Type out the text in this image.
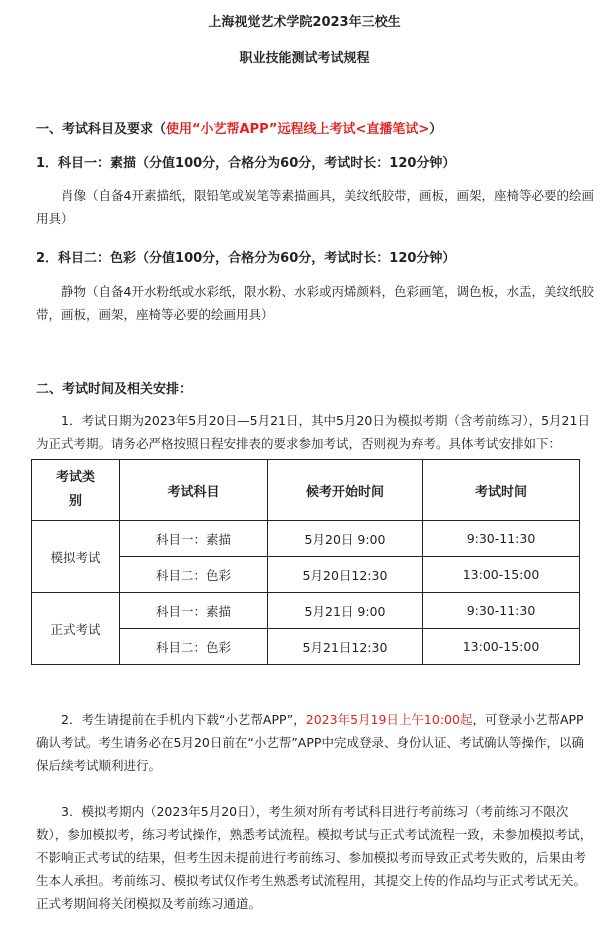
上海视觉艺术学院2023年三校生
职业技能测试考试规程
一、考试科目及要求（使用“小艺帮APP”远程线上考试<直播笔试>）
1．科目一：素描（分值100分，合格分为60分，考试时长：120分钟）
肖像（自备4开素描纸，限铅笔或炭笔等素描画具，美纹纸胶带，画板，画架，座椅等必要的绘画用具）
2．科目二：色彩（分值100分，合格分为60分，考试时长：120分钟）
静物（自备4开水粉纸或水彩纸，限水粉、水彩或丙烯颜料，色彩画笔，调色板，水盂，美纹纸胶带，画板，画架，座椅等必要的绘画用具）
二、考试时间及相关安排：
1．考试日期为2023年5月20日—5月21日，其中5月20日为模拟考期（含考前练习），5月21日为正式考期。请务必严格按照日程安排表的要求参加考试，否则视为弃考。具体考试安排如下：
考试类别	考试科目	候考开始时间	考试时间
模拟考试	科目一：素描	5月20日 9:00	9:30-11:30
	科目二：色彩	5月20日12:30	13:00-15:00
正式考试	科目一：素描	5月21日 9:00	9:30-11:30
	科目二：色彩	5月21日12:30	13:00-15:00
2．考生请提前在手机内下载“小艺帮APP”，2023年5月19日上午10:00起，可登录小艺帮APP确认考试。考生请务必在5月20日前在“小艺帮”APP中完成登录、身份认证、考试确认等操作，以确保后续考试顺利进行。
3．模拟考期内（2023年5月20日），考生须对所有考试科目进行考前练习（考前练习不限次数），参加模拟考，练习考试操作，熟悉考试流程。模拟考试与正式考试流程一致，未参加模拟考试，不影响正式考试的结果，但考生因未提前进行考前练习、参加模拟考而导致正式考失败的，后果由考生本人承担。考前练习、模拟考试仅作考生熟悉考试流程用，其提交上传的作品均与正式考试无关。正式考期间将关闭模拟及考前练习通道。
